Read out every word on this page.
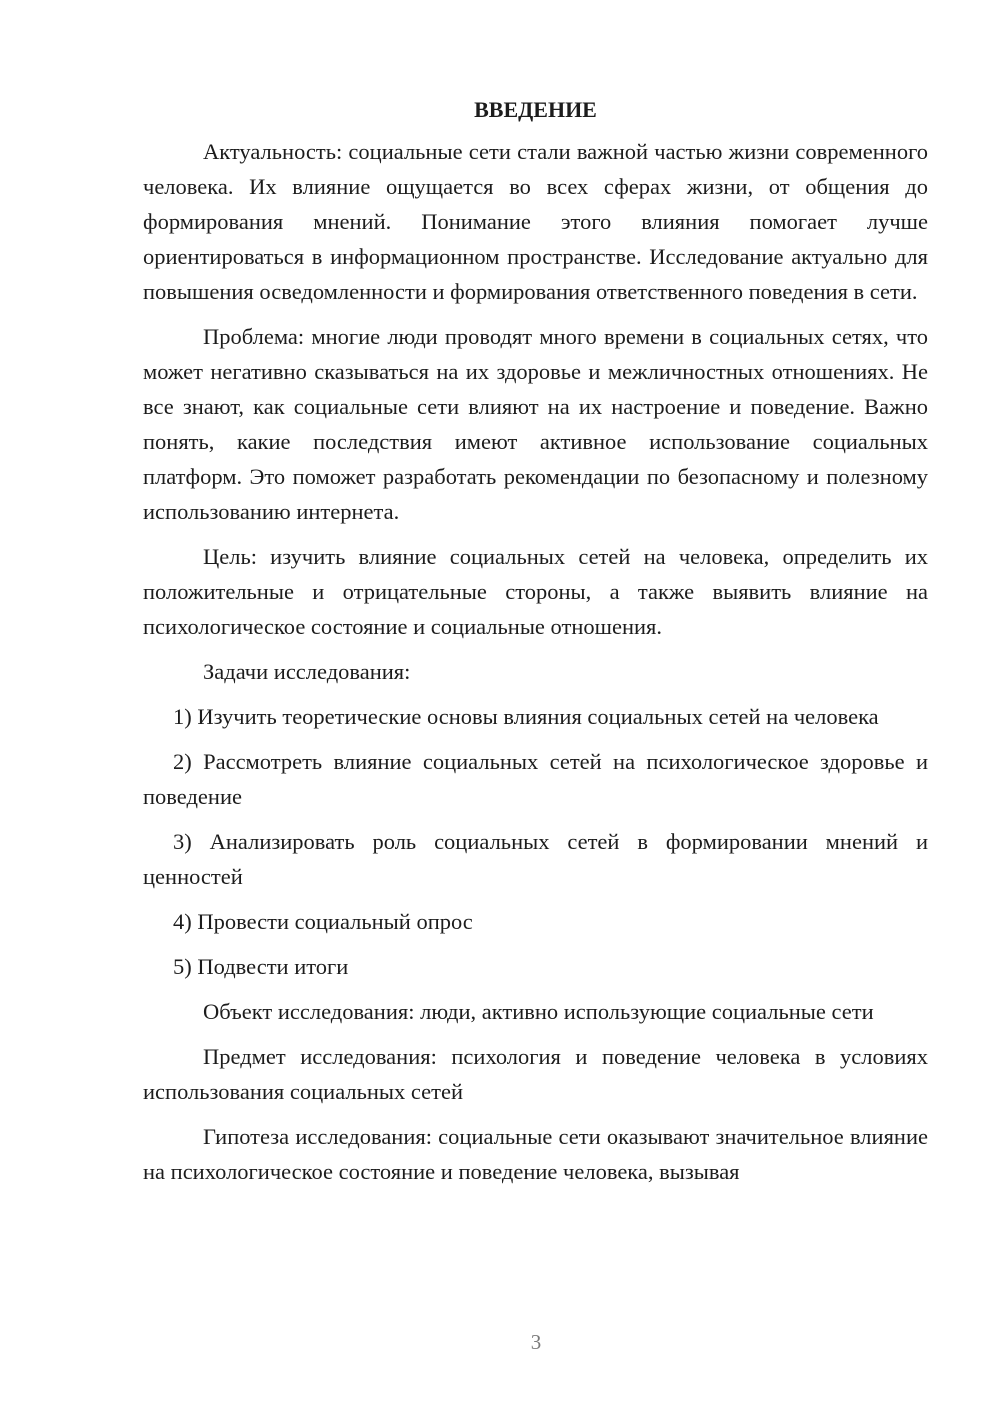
ВВЕДЕНИЕ

Актуальность: социальные сети стали важной частью жизни современного человека. Их влияние ощущается во всех сферах жизни, от общения до формирования мнений. Понимание этого влияния помогает лучше ориентироваться в информационном пространстве. Исследование актуально для повышения осведомленности и формирования ответственного поведения в сети.

Проблема: многие люди проводят много времени в социальных сетях, что может негативно сказываться на их здоровье и межличностных отношениях. Не все знают, как социальные сети влияют на их настроение и поведение. Важно понять, какие последствия имеют активное использование социальных платформ. Это поможет разработать рекомендации по безопасному и полезному использованию интернета.

Цель: изучить влияние социальных сетей на человека, определить их положительные и отрицательные стороны, а также выявить влияние на психологическое состояние и социальные отношения.

Задачи исследования:

1) Изучить теоретические основы влияния социальных сетей на человека

2) Рассмотреть влияние социальных сетей на психологическое здоровье и поведение

3) Анализировать роль социальных сетей в формировании мнений и ценностей

4) Провести социальный опрос

5) Подвести итоги

Объект исследования: люди, активно использующие социальные сети

Предмет исследования: психология и поведение человека в условиях использования социальных сетей

Гипотеза исследования: социальные сети оказывают значительное влияние на психологическое состояние и поведение человека, вызывая

3
